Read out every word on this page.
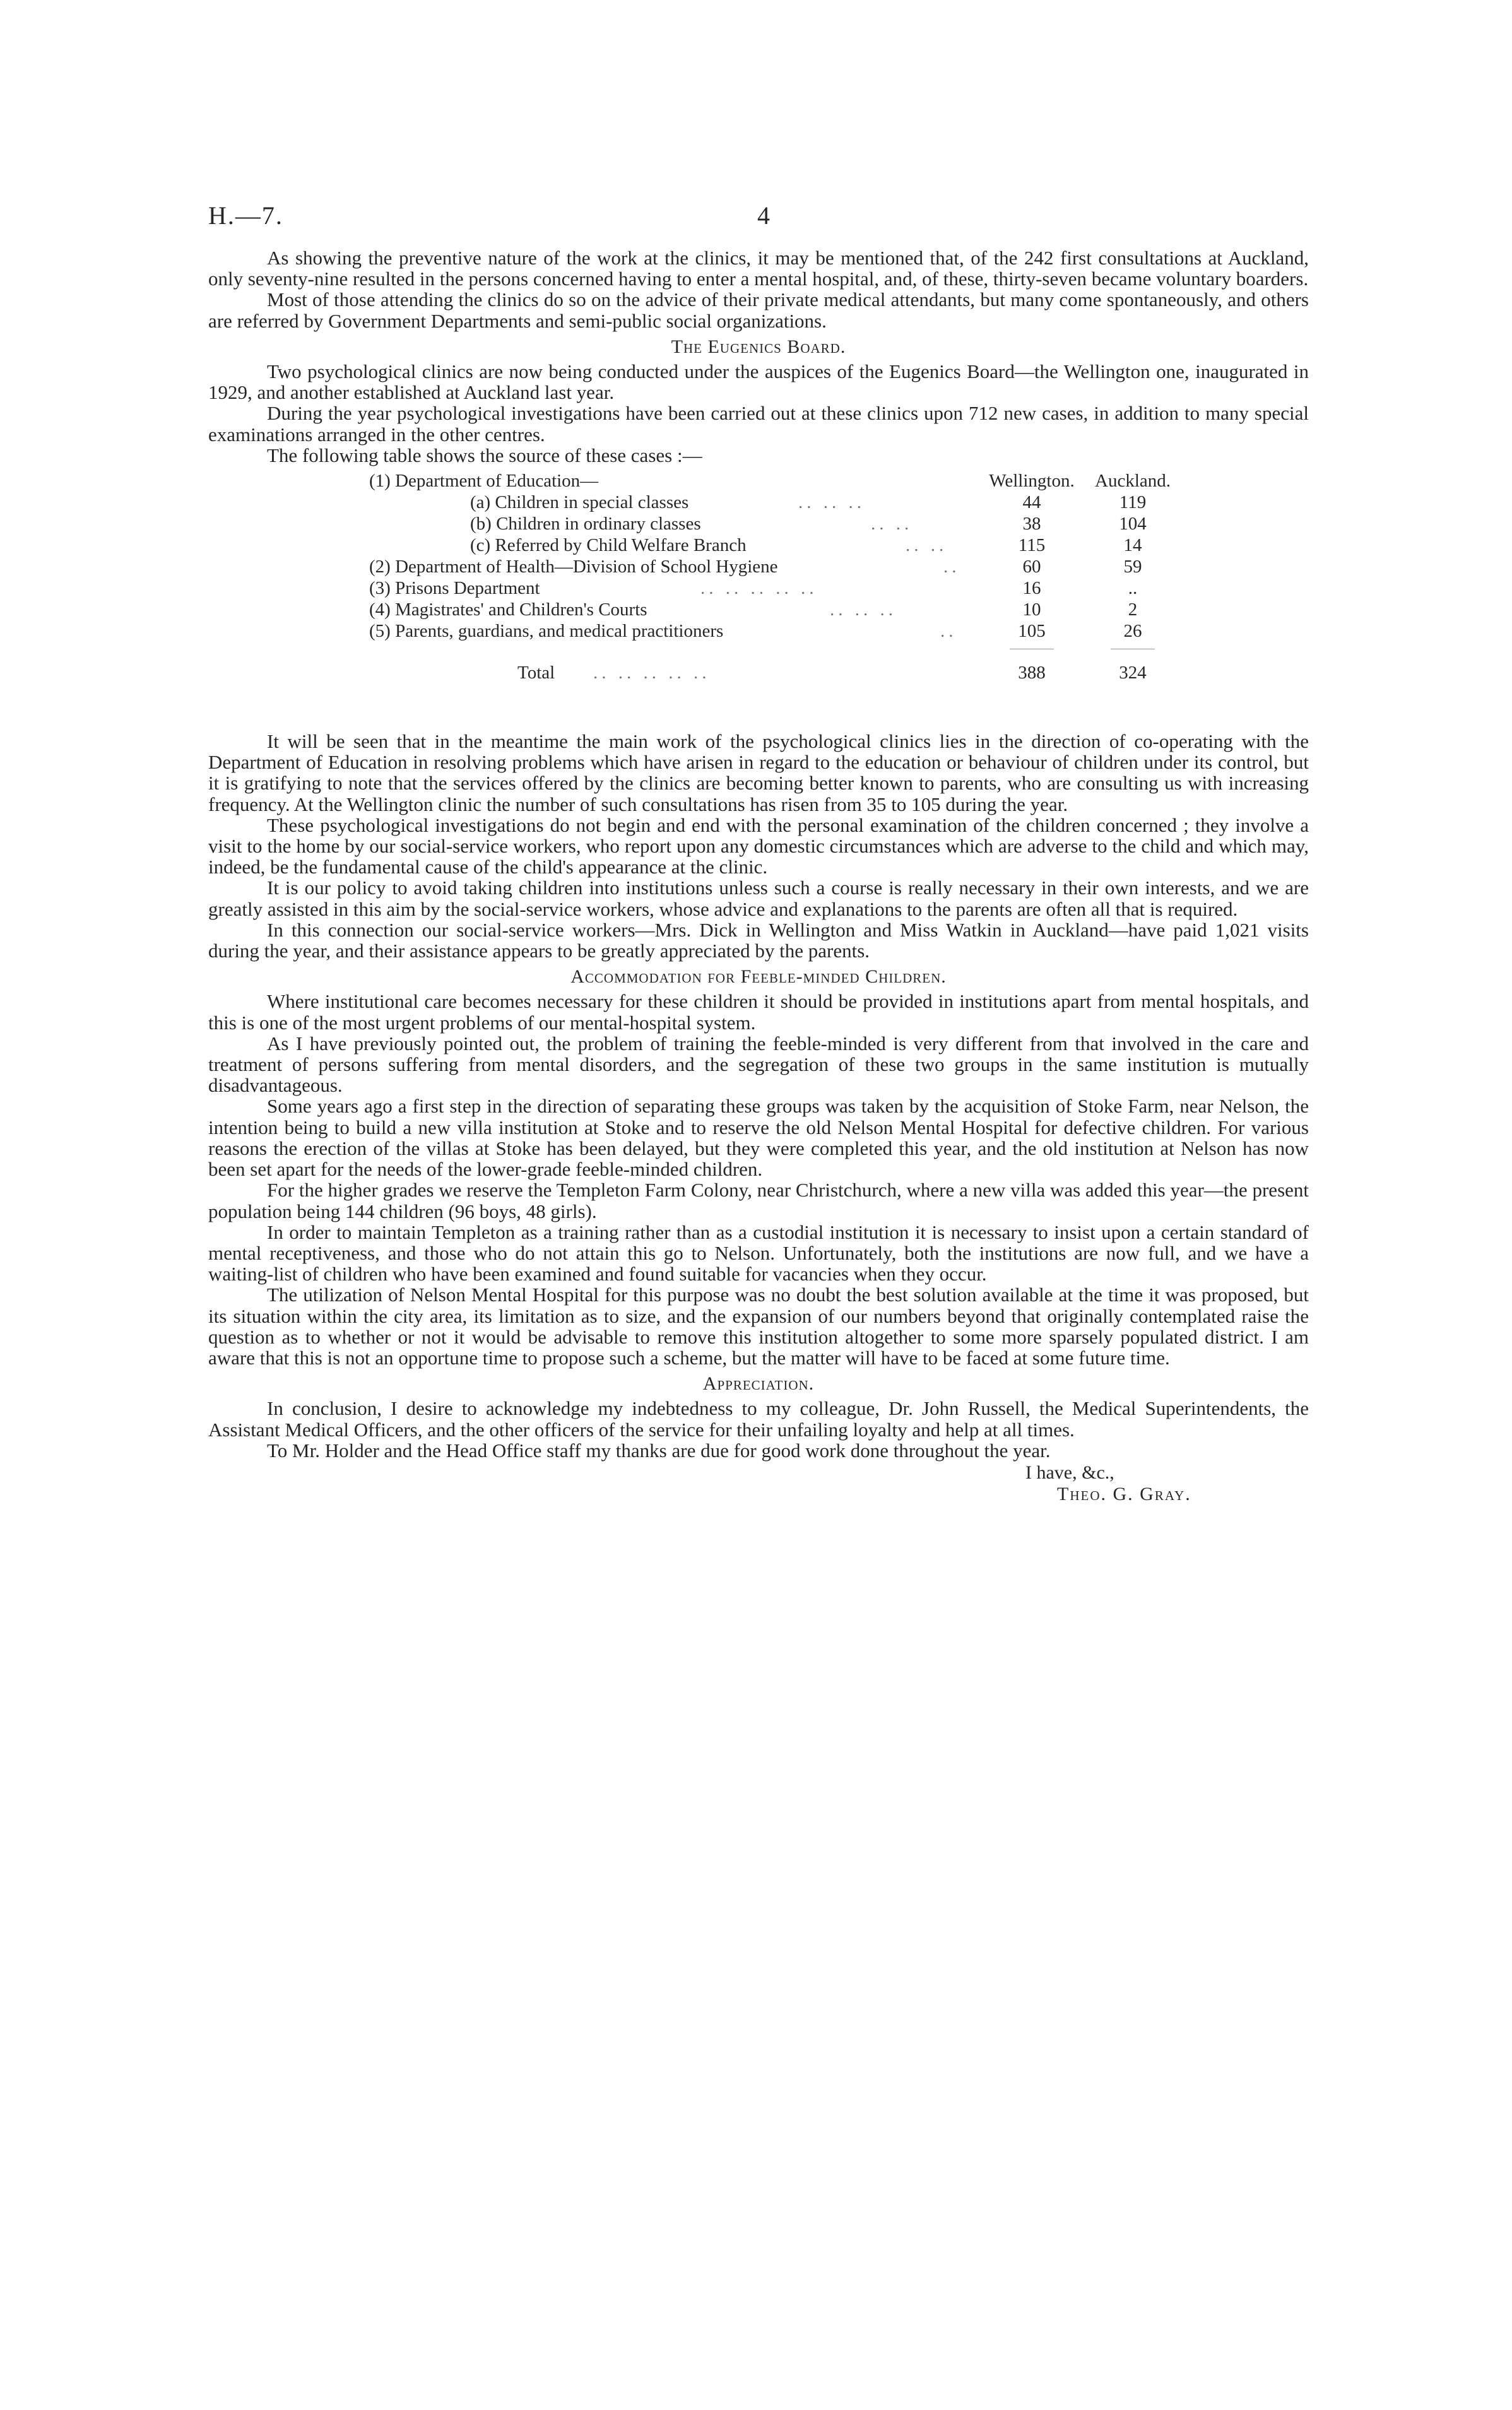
H.—7.	4

As showing the preventive nature of the work at the clinics, it may be mentioned that, of the 242 first consultations at Auckland, only seventy-nine resulted in the persons concerned having to enter a mental hospital, and, of these, thirty-seven became voluntary boarders.

Most of those attending the clinics do so on the advice of their private medical attendants, but many come spontaneously, and others are referred by Government Departments and semi-public social organizations.

The Eugenics Board.

Two psychological clinics are now being conducted under the auspices of the Eugenics Board—the Wellington one, inaugurated in 1929, and another established at Auckland last year.

During the year psychological investigations have been carried out at these clinics upon 712 new cases, in addition to many special examinations arranged in the other centres.

The following table shows the source of these cases :—

Wellington.	Auckland.
(1) Department of Education—
(a) Children in special classes	.. .. ..	44	119
(b) Children in ordinary classes	.. ..	38	104
(c) Referred by Child Welfare Branch	.. ..	115	14
(2) Department of Health—Division of School Hygiene	..	60	59
(3) Prisons Department	.. .. .. .. ..	16	..
(4) Magistrates' and Children's Courts	.. .. ..	10	2
(5) Parents, guardians, and medical practitioners	..	105	26
Total .. .. .. .. ..	388	324

It will be seen that in the meantime the main work of the psychological clinics lies in the direction of co-operating with the Department of Education in resolving problems which have arisen in regard to the education or behaviour of children under its control, but it is gratifying to note that the services offered by the clinics are becoming better known to parents, who are consulting us with increasing frequency. At the Wellington clinic the number of such consultations has risen from 35 to 105 during the year.

These psychological investigations do not begin and end with the personal examination of the children concerned ; they involve a visit to the home by our social-service workers, who report upon any domestic circumstances which are adverse to the child and which may, indeed, be the fundamental cause of the child's appearance at the clinic.

It is our policy to avoid taking children into institutions unless such a course is really necessary in their own interests, and we are greatly assisted in this aim by the social-service workers, whose advice and explanations to the parents are often all that is required.

In this connection our social-service workers—Mrs. Dick in Wellington and Miss Watkin in Auckland—have paid 1,021 visits during the year, and their assistance appears to be greatly appreciated by the parents.

Accommodation for Feeble-minded Children.

Where institutional care becomes necessary for these children it should be provided in institutions apart from mental hospitals, and this is one of the most urgent problems of our mental-hospital system.

As I have previously pointed out, the problem of training the feeble-minded is very different from that involved in the care and treatment of persons suffering from mental disorders, and the segregation of these two groups in the same institution is mutually disadvantageous.

Some years ago a first step in the direction of separating these groups was taken by the acquisition of Stoke Farm, near Nelson, the intention being to build a new villa institution at Stoke and to reserve the old Nelson Mental Hospital for defective children. For various reasons the erection of the villas at Stoke has been delayed, but they were completed this year, and the old institution at Nelson has now been set apart for the needs of the lower-grade feeble-minded children.

For the higher grades we reserve the Templeton Farm Colony, near Christchurch, where a new villa was added this year—the present population being 144 children (96 boys, 48 girls).

In order to maintain Templeton as a training rather than as a custodial institution it is necessary to insist upon a certain standard of mental receptiveness, and those who do not attain this go to Nelson. Unfortunately, both the institutions are now full, and we have a waiting-list of children who have been examined and found suitable for vacancies when they occur.

The utilization of Nelson Mental Hospital for this purpose was no doubt the best solution available at the time it was proposed, but its situation within the city area, its limitation as to size, and the expansion of our numbers beyond that originally contemplated raise the question as to whether or not it would be advisable to remove this institution altogether to some more sparsely populated district. I am aware that this is not an opportune time to propose such a scheme, but the matter will have to be faced at some future time.

Appreciation.

In conclusion, I desire to acknowledge my indebtedness to my colleague, Dr. John Russell, the Medical Superintendents, the Assistant Medical Officers, and the other officers of the service for their unfailing loyalty and help at all times.

To Mr. Holder and the Head Office staff my thanks are due for good work done throughout the year.

I have, &c.,
Theo. G. Gray.
